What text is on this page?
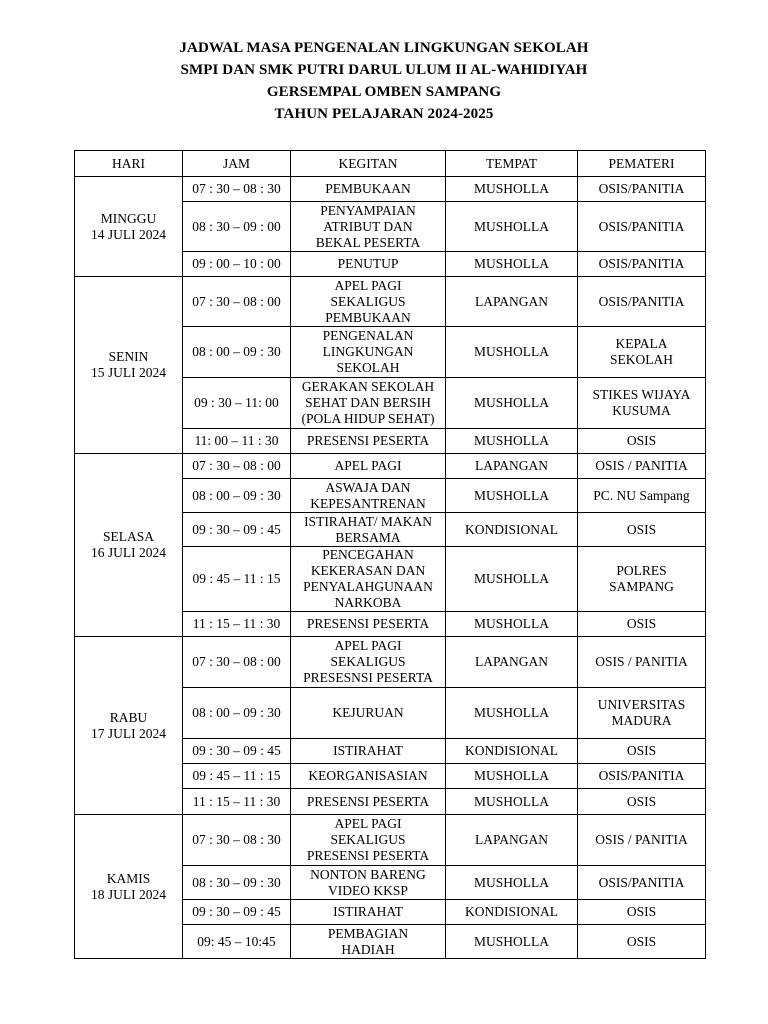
JADWAL MASA PENGENALAN LINGKUNGAN SEKOLAH
SMPI DAN SMK PUTRI DARUL ULUM II AL-WAHIDIYAH
GERSEMPAL OMBEN SAMPANG
TAHUN PELAJARAN 2024-2025
HARI	JAM	KEGITAN	TEMPAT	PEMATERI
MINGGU
14 JULI 2024	07 : 30 – 08 : 30	PEMBUKAAN	MUSHOLLA	OSIS/PANITIA
	08 : 30 – 09 : 00	PENYAMPAIAN
ATRIBUT DAN
BEKAL PESERTA	MUSHOLLA	OSIS/PANITIA
	09 : 00 – 10 : 00	PENUTUP	MUSHOLLA	OSIS/PANITIA
SENIN
15 JULI 2024	07 : 30 – 08 : 00	APEL PAGI
SEKALIGUS
PEMBUKAAN	LAPANGAN	OSIS/PANITIA
	08 : 00 – 09 : 30	PENGENALAN
LINGKUNGAN
SEKOLAH	MUSHOLLA	KEPALA
SEKOLAH
	09 : 30 – 11: 00	GERAKAN SEKOLAH
SEHAT DAN BERSIH
(POLA HIDUP SEHAT)	MUSHOLLA	STIKES WIJAYA
KUSUMA
	11: 00 – 11 : 30	PRESENSI PESERTA	MUSHOLLA	OSIS
SELASA
16 JULI 2024	07 : 30 – 08 : 00	APEL PAGI	LAPANGAN	OSIS / PANITIA
	08 : 00 – 09 : 30	ASWAJA DAN
KEPESANTRENAN	MUSHOLLA	PC. NU Sampang
	09 : 30 – 09 : 45	ISTIRAHAT/ MAKAN
BERSAMA	KONDISIONAL	OSIS
	09 : 45 – 11 : 15	PENCEGAHAN
KEKERASAN DAN
PENYALAHGUNAAN
NARKOBA	MUSHOLLA	POLRES
SAMPANG
	11 : 15 – 11 : 30	PRESENSI PESERTA	MUSHOLLA	OSIS
RABU
17 JULI 2024	07 : 30 – 08 : 00	APEL PAGI
SEKALIGUS
PRESESNSI PESERTA	LAPANGAN	OSIS / PANITIA
	08 : 00 – 09 : 30	KEJURUAN	MUSHOLLA	UNIVERSITAS
MADURA
	09 : 30 – 09 : 45	ISTIRAHAT	KONDISIONAL	OSIS
	09 : 45 – 11 : 15	KEORGANISASIAN	MUSHOLLA	OSIS/PANITIA
	11 : 15 – 11 : 30	PRESENSI PESERTA	MUSHOLLA	OSIS
KAMIS
18 JULI 2024	07 : 30 – 08 : 30	APEL PAGI
SEKALIGUS
PRESENSI PESERTA	LAPANGAN	OSIS / PANITIA
	08 : 30 – 09 : 30	NONTON BARENG
VIDEO KKSP	MUSHOLLA	OSIS/PANITIA
	09 : 30 – 09 : 45	ISTIRAHAT	KONDISIONAL	OSIS
	09: 45 – 10:45	PEMBAGIAN
HADIAH	MUSHOLLA	OSIS
